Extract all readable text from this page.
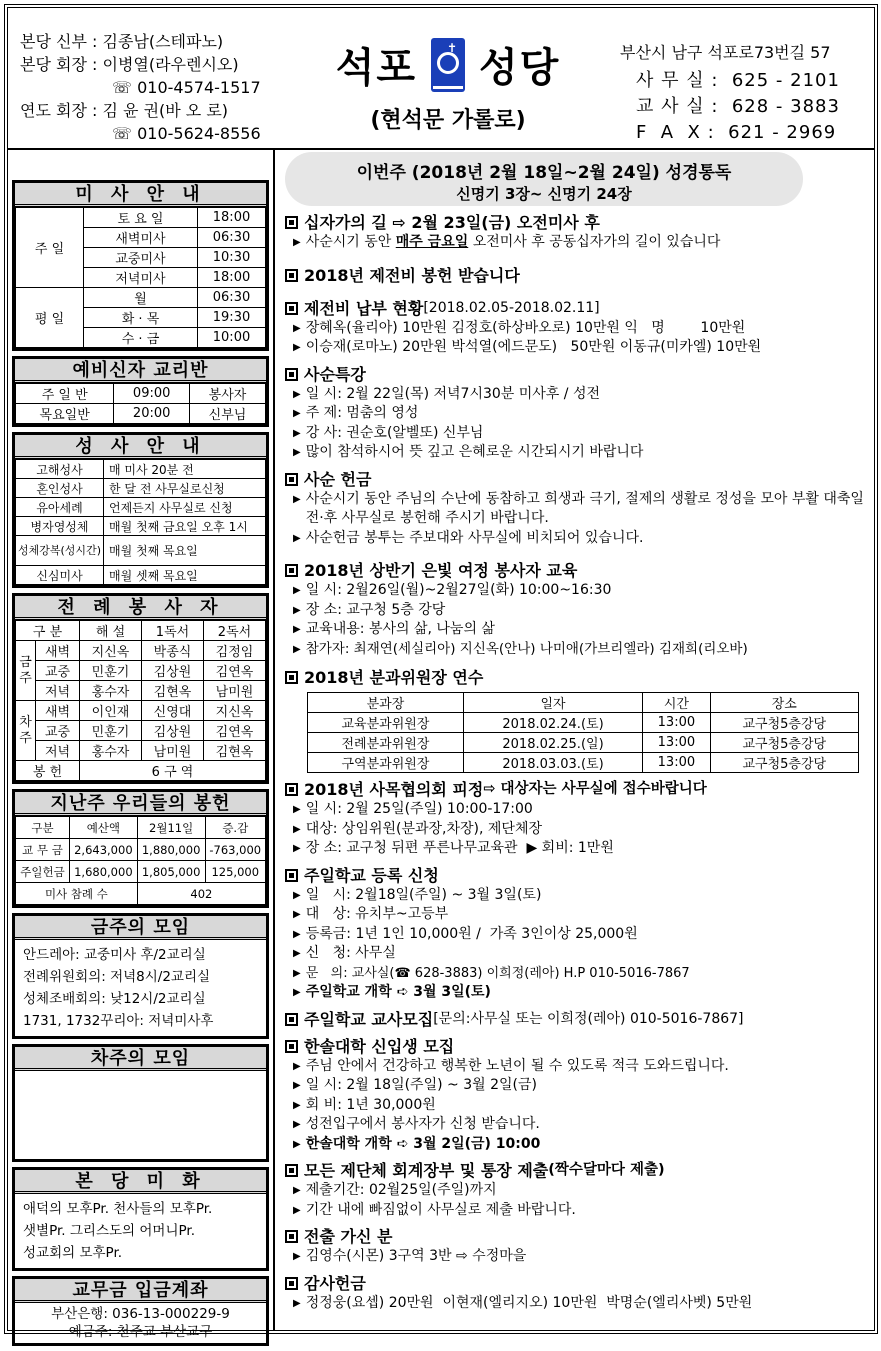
본당 신부 : 김종남(스테파노)
본당 회장 : 이병열(라우렌시오)
☏ 010-4574-1517
연도 회장 : 김 윤 권(바 오 로)
☏ 010-5624-8556
석포 ✝ 성당
(현석문 가롤로)
부산시 남구 석포로73번길 57
사 무 실 :  625 - 2101
교 사 실 :  628 - 3883
F  A  X :  621 - 2969
미 사 안 내
주 일	토 요 일	18:00
	새벽미사	06:30
	교중미사	10:30
	저녁미사	18:00
평 일	월	06:30
	화 · 목	19:30
	수 · 금	10:00
예비신자 교리반
주 일 반	09:00	봉사자
목요일반	20:00	신부님
성 사 안 내
고해성사	매 미사 20분 전
혼인성사	한 달 전 사무실로신청
유아세례	언제든지 사무실로 신청
병자영성체	매월 첫째 금요일 오후 1시
성체강복(성시간)	매월 첫째 목요일
신심미사	매월 셋째 목요일
전 례 봉 사 자
구 분		해 설	1독서	2독서
금주	새벽	지신옥	박종식	김정임
	교중	민훈기	김상원	김연옥
	저녁	홍수자	김현옥	남미원
차주	새벽	이인재	신영대	지신옥
	교중	민훈기	김상원	김연옥
	저녁	홍수자	남미원	김현옥
봉 헌		6 구 역		
지난주 우리들의 봉헌
구분	예산액	2월11일	증.감
교 무 금	2,643,000	1,880,000	-763,000
주일헌금	1,680,000	1,805,000	125,000
미사 참례 수		402	
금주의 모임
안드레아: 교중미사 후/2교리실
전례위원회의: 저녁8시/2교리실
성체조배회의: 낮12시/2교리실
1731, 1732꾸리아: 저녁미사후
차주의 모임
본 당 미 화
애덕의 모후Pr. 천사들의 모후Pr.
샛별Pr. 그리스도의 어머니Pr.
성교회의 모후Pr.
교무금 입금계좌
부산은행: 036-13-000229-9
예금주: 천주교 부산교구
이번주 (2018년 2월 18일~2월 24일) 성경통독
신명기 3장~ 신명기 24장
십자가의 길 ⇨ 2월 23일(금) 오전미사 후
▶ 사순시기 동안 매주 금요일 오전미사 후 공동십자가의 길이 있습니다
2018년 제전비 봉헌 받습니다
제전비 납부 현황 [2018.02.05-2018.02.11]
▶ 장혜옥(율리아) 10만원 김정호(하상바오로) 10만원 익   명        10만원
▶ 이승재(로마노) 20만원 박석열(에드문도)   50만원 이동규(미카엘) 10만원
사순특강
▶ 일 시: 2월 22일(목) 저녁7시30분 미사후 / 성전
▶ 주 제: 멈춤의 영성
▶ 강 사: 권순호(알벨또) 신부님
▶ 많이 참석하시어 뜻 깊고 은혜로운 시간되시기 바랍니다
사순 헌금
▶ 사순시기 동안 주님의 수난에 동참하고 희생과 극기, 절제의 생활로 정성을 모아 부활 대축일 전·후 사무실로 봉헌해 주시기 바랍니다.
▶ 사순헌금 봉투는 주보대와 사무실에 비치되어 있습니다.
2018년 상반기 은빛 여정 봉사자 교육
▶ 일 시: 2월26일(월)~2월27일(화) 10:00~16:30
▶ 장 소: 교구청 5층 강당
▶ 교육내용: 봉사의 삶, 나눔의 삶
▶ 참가자: 최재연(세실리아) 지신옥(안나) 나미애(가브리엘라) 김재희(리오바)
2018년 분과위원장 연수
분과장	일자	시간	장소
교육분과위원장	2018.02.24.(토)	13:00	교구청5층강당
전례분과위원장	2018.02.25.(일)	13:00	교구청5층강당
구역분과위원장	2018.03.03.(토)	13:00	교구청5층강당
2018년 사목협의회 피정 ⇨ 대상자는 사무실에 접수바랍니다
▶ 일 시: 2월 25일(주일) 10:00-17:00
▶ 대상: 상임위원(분과장,차장), 제단체장
▶ 장 소: 교구청 뒤편 푸른나무교육관  ▶ 회비: 1만원
주일학교 등록 신청
▶ 일   시: 2월18일(주일) ~ 3월 3일(토)
▶ 대   상: 유치부~고등부
▶ 등록금: 1년 1인 10,000원 /  가족 3인이상 25,000원
▶ 신   청: 사무실
▶ 문   의: 교사실(☎ 628-3883) 이희정(레아) H.P 010-5016-7867
▶ 주일학교 개학 ➪ 3월 3일(토)
주일학교 교사모집 [문의:사무실 또는 이희정(레아) 010-5016-7867]
한솔대학 신입생 모집
▶ 주님 안에서 건강하고 행복한 노년이 될 수 있도록 적극 도와드립니다.
▶ 일 시: 2월 18일(주일) ~ 3월 2일(금)
▶ 회 비: 1년 30,000원
▶ 성전입구에서 봉사자가 신청 받습니다.
▶ 한솔대학 개학 ➪ 3월 2일(금) 10:00
모든 제단체 회계장부 및 통장 제출 (짝수달마다 제출)
▶ 제출기간: 02월25일(주일)까지
▶ 기간 내에 빠짐없이 사무실로 제출 바랍니다.
전출 가신 분
▶ 김영수(시몬) 3구역 3반 ⇨ 수정마을
감사헌금
▶ 정정웅(요셉) 20만원  이현재(엘리지오) 10만원  박명순(엘리사벳) 5만원
